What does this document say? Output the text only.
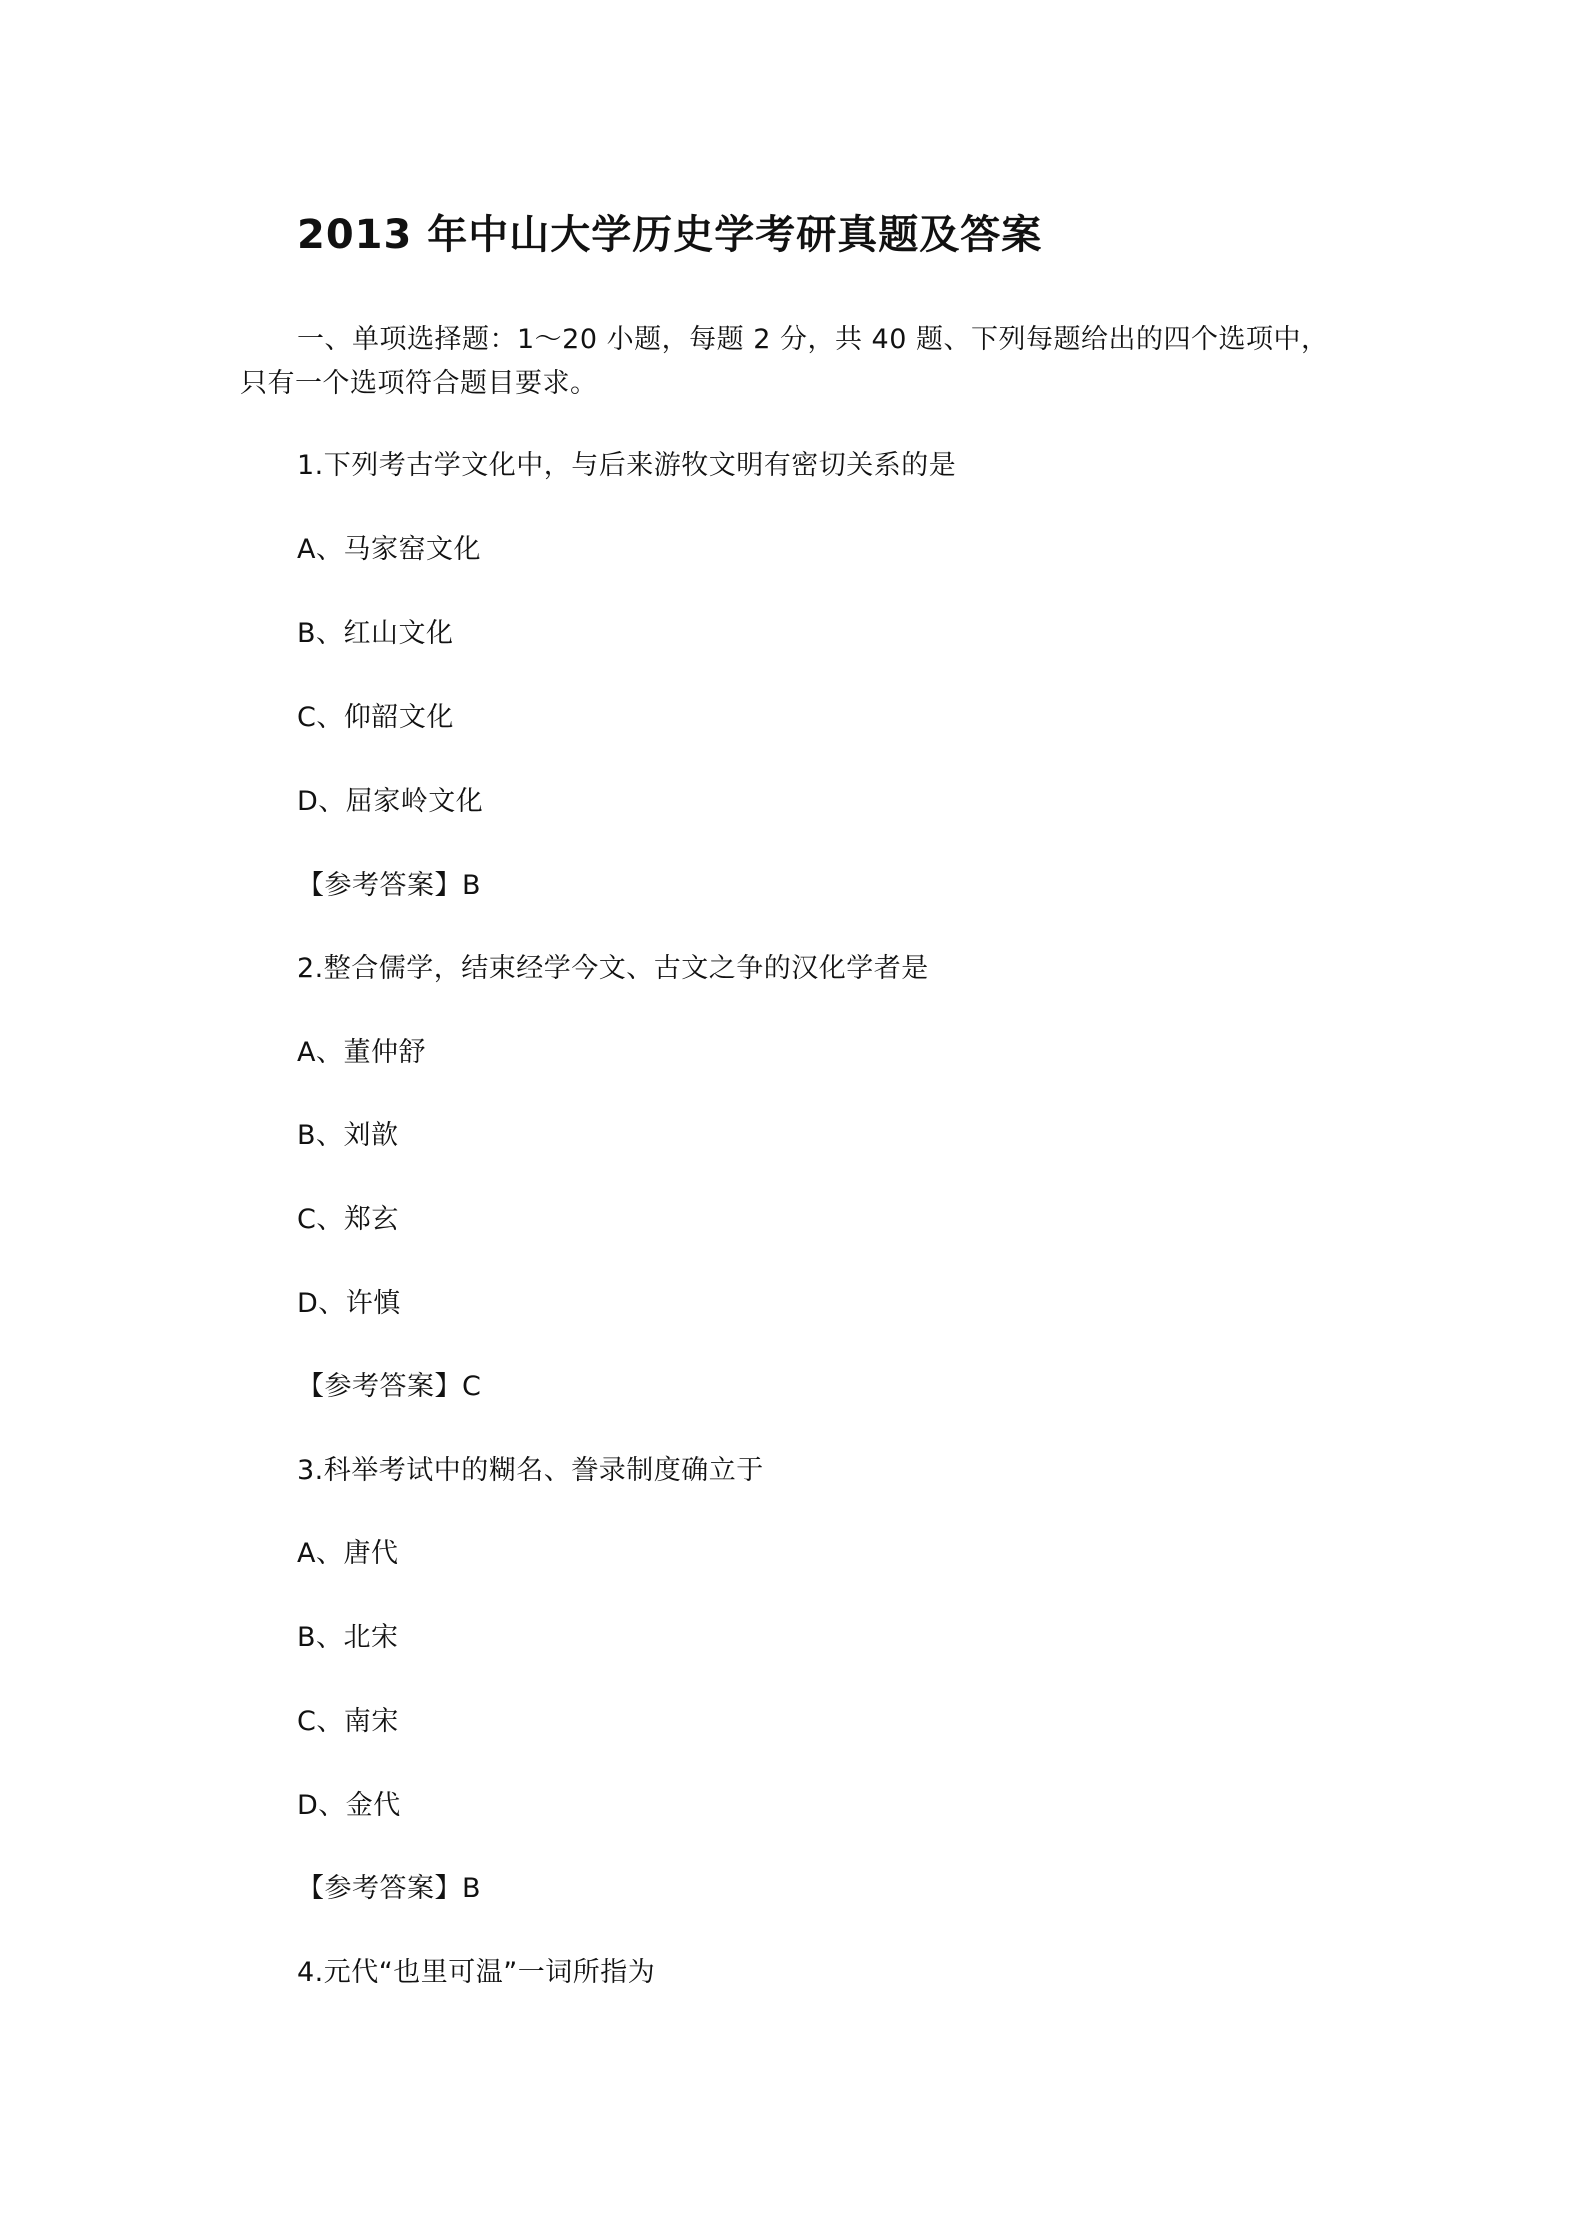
2013 年中山大学历史学考研真题及答案
一、单项选择题：1～20 小题，每题 2 分，共 40 题、下列每题给出的四个选项中，只有一个选项符合题目要求。
1.下列考古学文化中，与后来游牧文明有密切关系的是
A、马家窑文化
B、红山文化
C、仰韶文化
D、屈家岭文化
【参考答案】B
2.整合儒学，结束经学今文、古文之争的汉化学者是
A、董仲舒
B、刘歆
C、郑玄
D、许慎
【参考答案】C
3.科举考试中的糊名、誊录制度确立于
A、唐代
B、北宋
C、南宋
D、金代
【参考答案】B
4.元代“也里可温”一词所指为
